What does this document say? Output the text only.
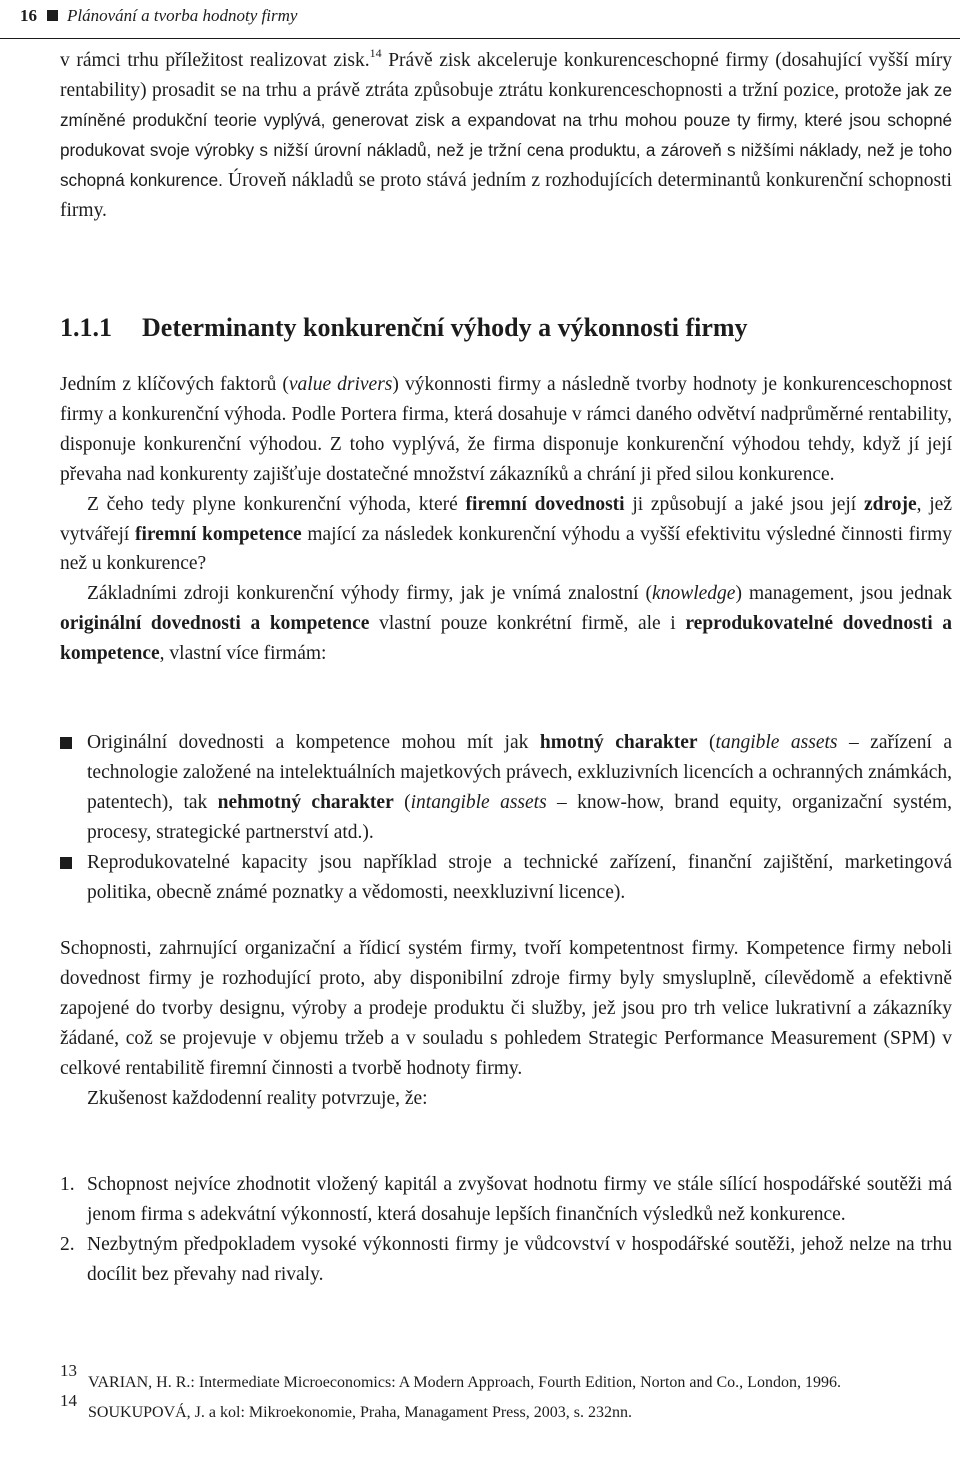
16 Plánování a tvorba hodnoty firmy

v rámci trhu příležitost realizovat zisk.$^{14}$ Právě zisk akceleruje konkurenceschopné firmy (dosahující vyšší míry rentability) prosadit se na trhu a právě ztráta způsobuje ztrátu konkurenceschopnosti a tržní pozice, protože jak ze zmíněné produkční teorie vyplývá, generovat zisk a expandovat na trhu mohou pouze ty firmy, které jsou schopné produkovat svoje výrobky s nižší úrovní nákladů, než je tržní cena produktu, a zároveň s nižšími náklady, než je toho schopná konkurence. Úroveň nákladů se proto stává jedním z rozhodujících determinantů konkurenční schopnosti firmy.

1.1.1 Determinanty konkurenční výhody a výkonnosti firmy

Jedním z klíčových faktorů (value drivers) výkonnosti firmy a následně tvorby hodnoty je konkurenceschopnost firmy a konkurenční výhoda. Podle Portera firma, která dosahuje v rámci daného odvětví nadprůměrné rentability, disponuje konkurenční výhodou. Z toho vyplývá, že firma disponuje konkurenční výhodou tehdy, když jí její převaha nad konkurenty zajišťuje dostatečné množství zákazníků a chrání ji před silou konkurence.

Z čeho tedy plyne konkurenční výhoda, které firemní dovednosti ji způsobují a jaké jsou její zdroje, jež vytvářejí firemní kompetence mající za následek konkurenční výhodu a vyšší efektivitu výsledné činnosti firmy než u konkurence?

Základními zdroji konkurenční výhody firmy, jak je vnímá znalostní (knowledge) management, jsou jednak originální dovednosti a kompetence vlastní pouze konkrétní firmě, ale i reprodukovatelné dovednosti a kompetence, vlastní více firmám:

Originální dovednosti a kompetence mohou mít jak hmotný charakter (tangible assets – zařízení a technologie založené na intelektuálních majetkových právech, exkluzivních licencích a ochranných známkách, patentech), tak nehmotný charakter (intangible assets – know-how, brand equity, organizační systém, procesy, strategické partnerství atd.).
Reprodukovatelné kapacity jsou například stroje a technické zařízení, finanční zajištění, marketingová politika, obecně známé poznatky a vědomosti, neexkluzivní licence).

Schopnosti, zahrnující organizační a řídicí systém firmy, tvoří kompetentnost firmy. Kompetence firmy neboli dovednost firmy je rozhodující proto, aby disponibilní zdroje firmy byly smysluplně, cílevědomě a efektivně zapojené do tvorby designu, výroby a prodeje produktu či služby, jež jsou pro trh velice lukrativní a zákazníky žádané, což se projevuje v objemu tržeb a v souladu s pohledem Strategic Performance Measurement (SPM) v celkové rentabilitě firemní činnosti a tvorbě hodnoty firmy.

Zkušenost každodenní reality potvrzuje, že:

1. Schopnost nejvíce zhodnotit vložený kapitál a zvyšovat hodnotu firmy ve stále sílící hospodářské soutěži má jenom firma s adekvátní výkonností, která dosahuje lepších finančních výsledků než konkurence.
2. Nezbytným předpokladem vysoké výkonnosti firmy je vůdcovství v hospodářské soutěži, jehož nelze na trhu docílit bez převahy nad rivaly.
13
VARIAN, H. R.: Intermediate Microeconomics: A Modern Approach, Fourth Edition, Norton and Co., London, 1996.
14
SOUKUPOVÁ, J. a kol: Mikroekonomie, Praha, Managament Press, 2003, s. 232nn.
